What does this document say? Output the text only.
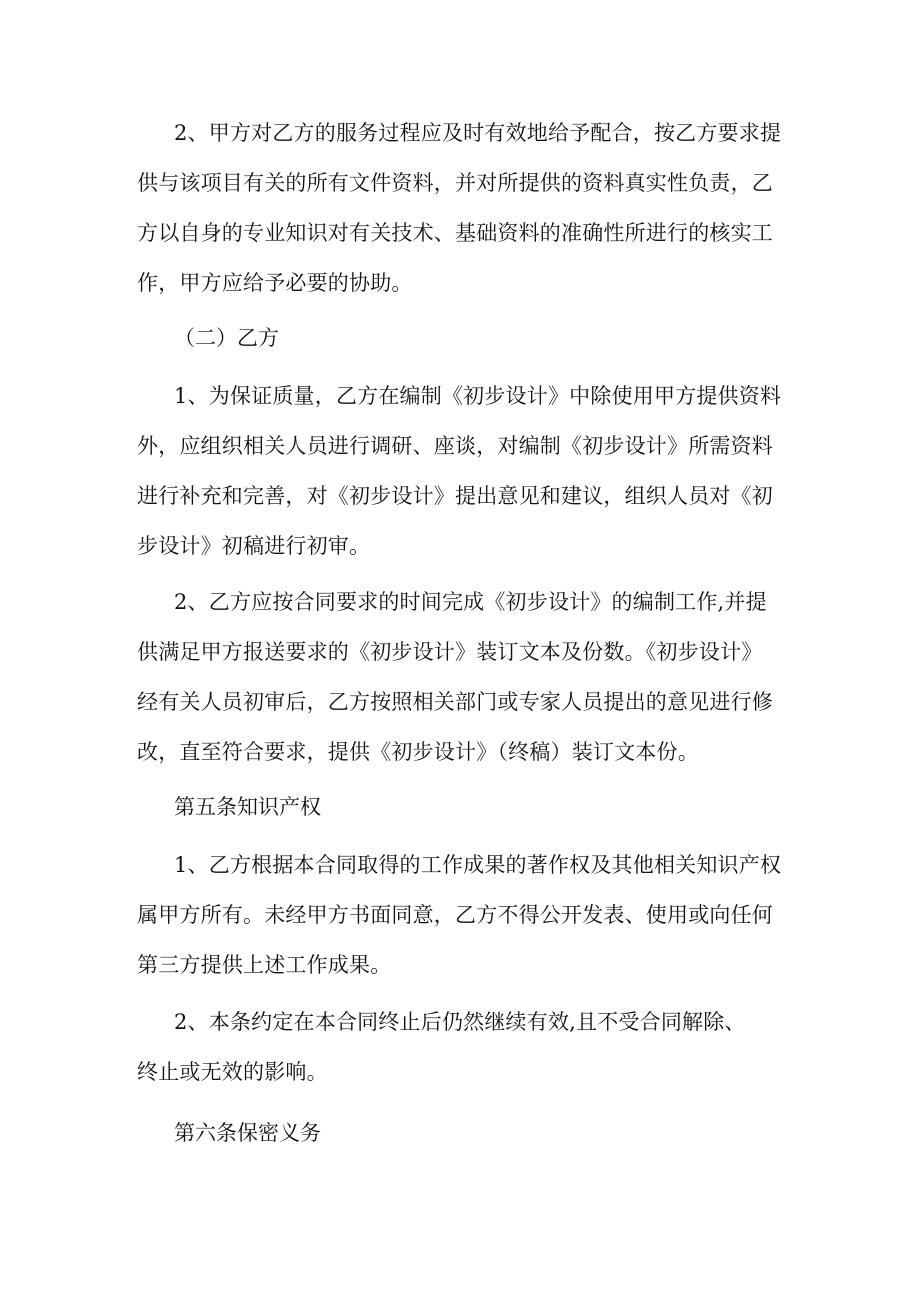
2、甲方对乙方的服务过程应及时有效地给予配合，按乙方要求提
供与该项目有关的所有文件资料，并对所提供的资料真实性负责，乙
方以自身的专业知识对有关技术、基础资料的准确性所进行的核实工
作，甲方应给予必要的协助。

（二）乙方

1、为保证质量，乙方在编制《初步设计》中除使用甲方提供资料
外，应组织相关人员进行调研、座谈，对编制《初步设计》所需资料
进行补充和完善，对《初步设计》提出意见和建议，组织人员对《初
步设计》初稿进行初审。

2、乙方应按合同要求的时间完成《初步设计》的编制工作,并提
供满足甲方报送要求的《初步设计》装订文本及份数。《初步设计》
经有关人员初审后，乙方按照相关部门或专家人员提出的意见进行修
改，直至符合要求，提供《初步设计》（终稿）装订文本份。

第五条知识产权

1、乙方根据本合同取得的工作成果的著作权及其他相关知识产权
属甲方所有。未经甲方书面同意，乙方不得公开发表、使用或向任何
第三方提供上述工作成果。

2、本条约定在本合同终止后仍然继续有效,且不受合同解除、
终止或无效的影响。

第六条保密义务
